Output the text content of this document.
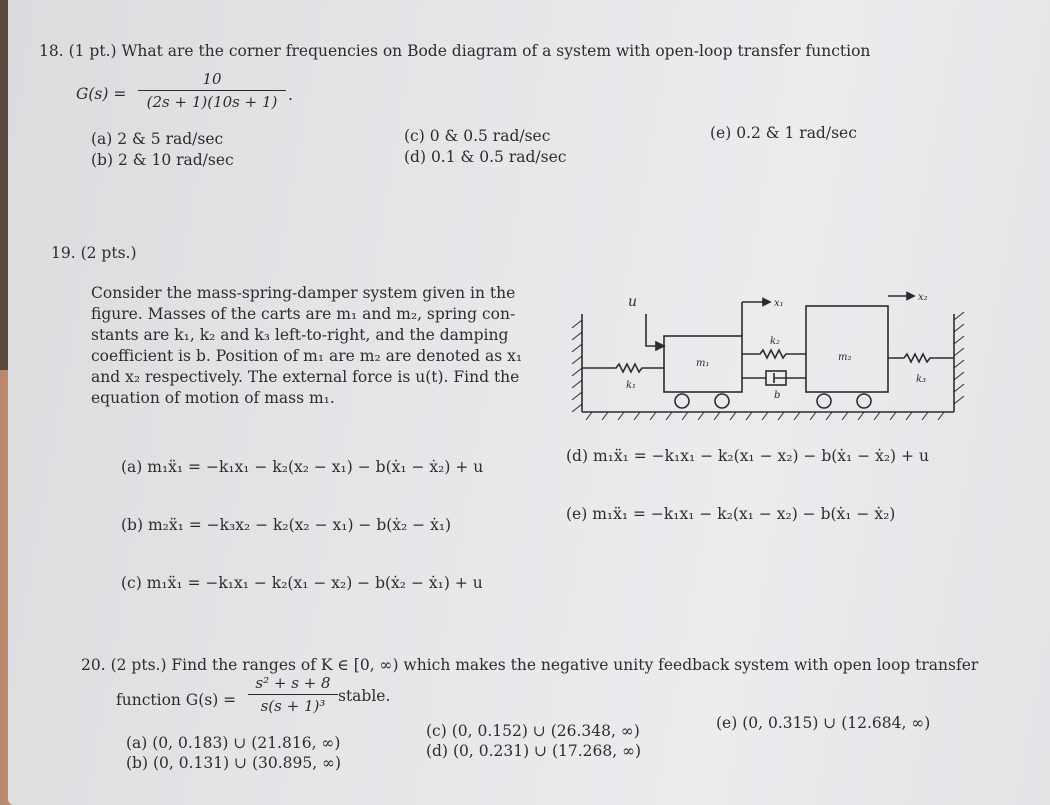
18. (1 pt.) What are the corner frequencies on Bode diagram of a system with open-loop transfer function
$G(s) = \frac{10}{(2s + 1)(10s + 1)}$ .
(a) 2 & 5 rad/sec
(b) 2 & 10 rad/sec
(c) 0 & 0.5 rad/sec
(d) 0.1 & 0.5 rad/sec
(e) 0.2 & 1 rad/sec
19. (2 pts.)
Consider the mass-spring-damper system given in the
figure. Masses of the carts are m₁ and m₂, spring con-
stants are k₁, k₂ and k₃ left-to-right, and the damping
coefficient is b. Position of m₁ are m₂ are denoted as x₁
and x₂ respectively. The external force is u(t). Find the
equation of motion of mass m₁.
u	x₁
x₂
k₁
k₂
k₃
m₁
m₂
b
(a) m₁ẍ₁ = −k₁x₁ − k₂(x₂ − x₁) − b(ẋ₁ − ẋ₂) + u
(b) m₂ẍ₁ = −k₃x₂ − k₂(x₂ − x₁) − b(ẋ₂ − ẋ₁)
(c) m₁ẍ₁ = −k₁x₁ − k₂(x₁ − x₂) − b(ẋ₂ − ẋ₁) + u
(d) m₁ẍ₁ = −k₁x₁ − k₂(x₁ − x₂) − b(ẋ₁ − ẋ₂) + u
(e) m₁ẍ₁ = −k₁x₁ − k₂(x₁ − x₂) − b(ẋ₁ − ẋ₂)
20. (2 pts.) Find the ranges of K ∈ [0, ∞) which makes the negative unity feedback system with open loop transfer
function $G(s) = \frac{\text{s² + s + 8}}{\text{s(s + 1)³}}$ stable.
(a) (0, 0.183) ∪ (21.816, ∞)
(b) (0, 0.131) ∪ (30.895, ∞)
(c) (0, 0.152) ∪ (26.348, ∞)
(d) (0, 0.231) ∪ (17.268, ∞)
(e) (0, 0.315) ∪ (12.684, ∞)
